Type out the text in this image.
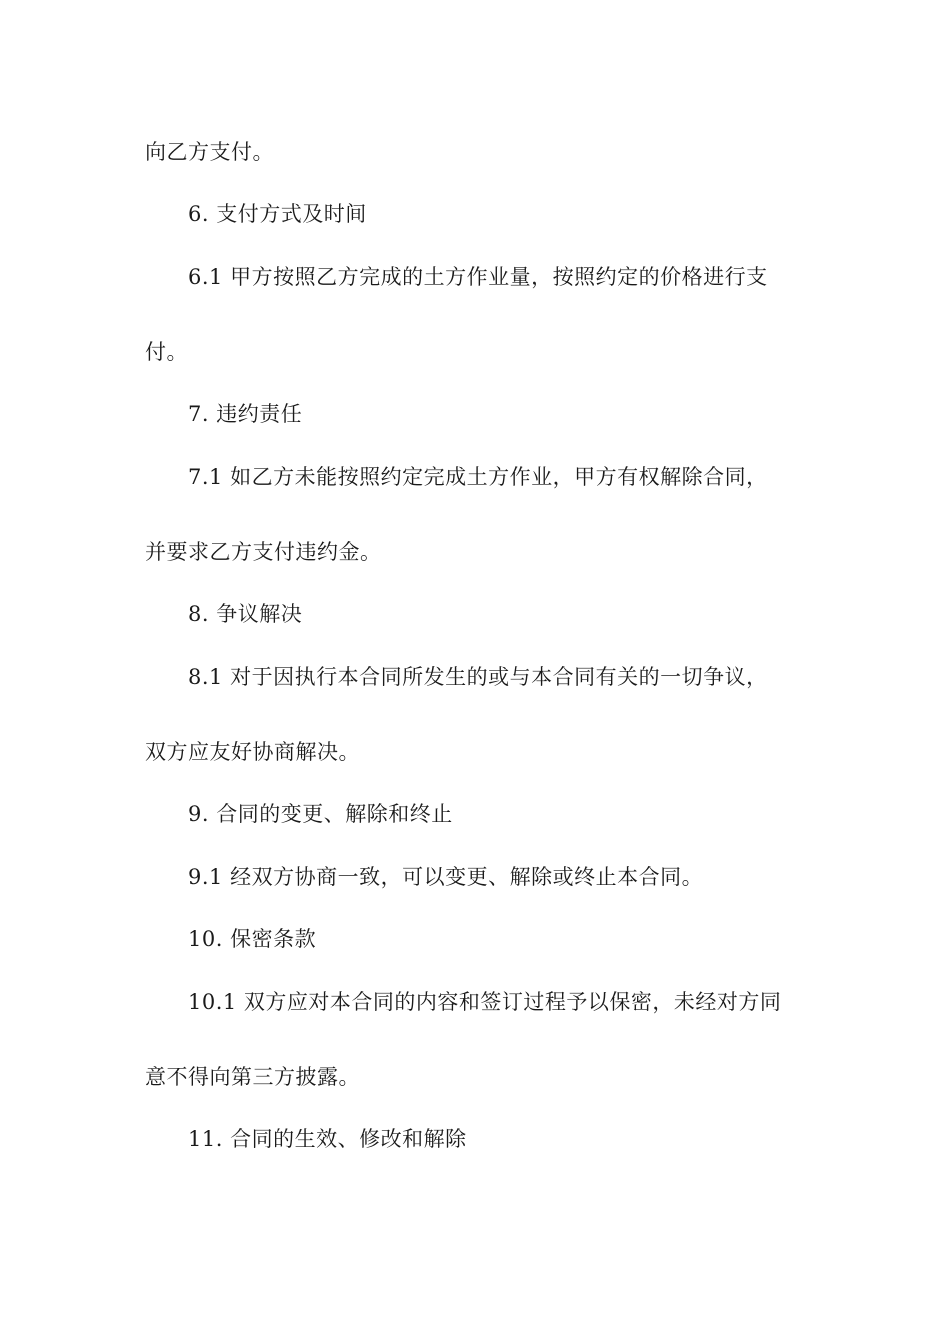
向乙方支付。
6. 支付方式及时间
6.1 甲方按照乙方完成的土方作业量，按照约定的价格进行支
付。
7. 违约责任
7.1 如乙方未能按照约定完成土方作业，甲方有权解除合同，
并要求乙方支付违约金。
8. 争议解决
8.1 对于因执行本合同所发生的或与本合同有关的一切争议，
双方应友好协商解决。
9. 合同的变更、解除和终止
9.1 经双方协商一致，可以变更、解除或终止本合同。
10. 保密条款
10.1 双方应对本合同的内容和签订过程予以保密，未经对方同
意不得向第三方披露。
11. 合同的生效、修改和解除
